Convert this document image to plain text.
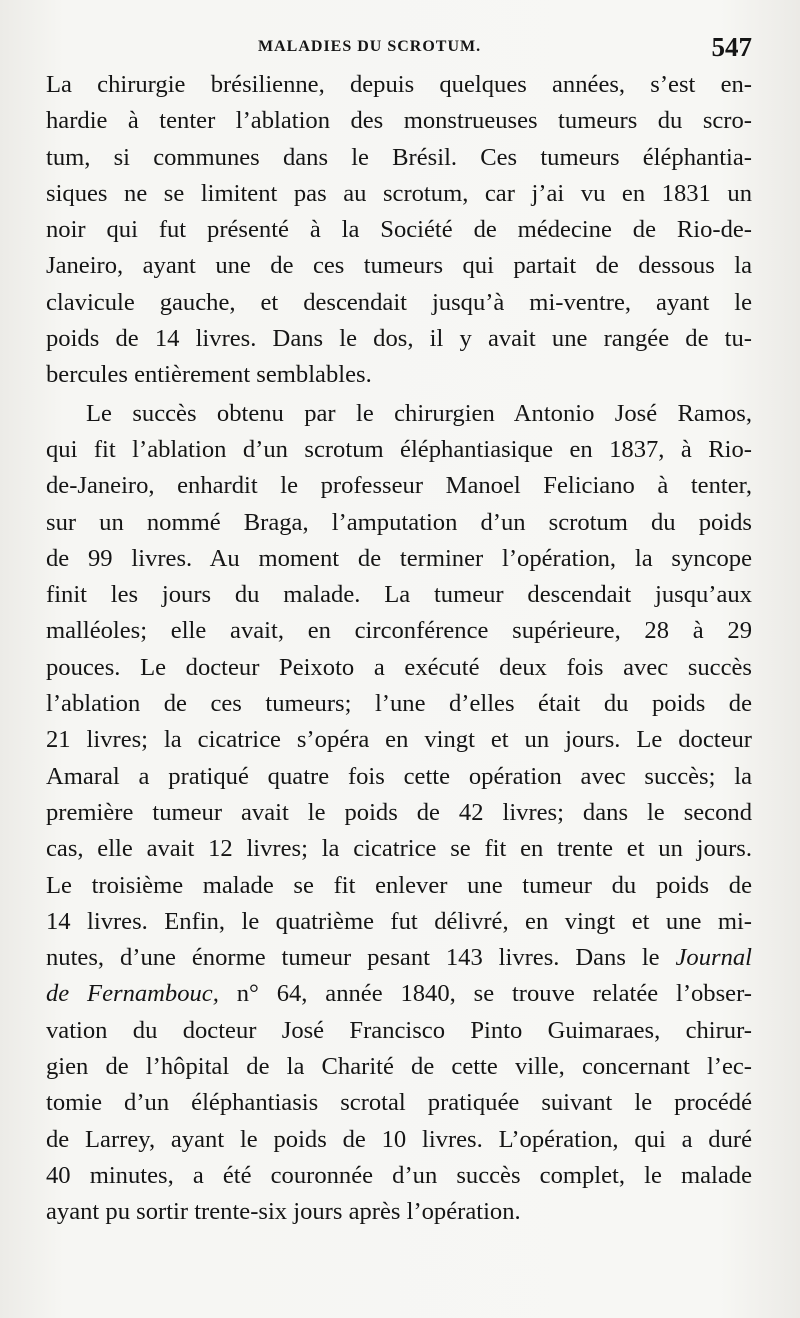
MALADIES DU SCROTUM.	547

La chirurgie brésilienne, depuis quelques années, s’est en-
hardie à tenter l’ablation des monstrueuses tumeurs du scro-
tum, si communes dans le Brésil. Ces tumeurs éléphantia-
siques ne se limitent pas au scrotum, car j’ai vu en 1831 un
noir qui fut présenté à la Société de médecine de Rio-de-
Janeiro, ayant une de ces tumeurs qui partait de dessous la
clavicule gauche, et descendait jusqu’à mi-ventre, ayant le
poids de 14 livres. Dans le dos, il y avait une rangée de tu-
bercules entièrement semblables.

Le succès obtenu par le chirurgien Antonio José Ramos,
qui fit l’ablation d’un scrotum éléphantiasique en 1837, à Rio-
de-Janeiro, enhardit le professeur Manoel Feliciano à tenter,
sur un nommé Braga, l’amputation d’un scrotum du poids
de 99 livres. Au moment de terminer l’opération, la syncope
finit les jours du malade. La tumeur descendait jusqu’aux
malléoles; elle avait, en circonférence supérieure, 28 à 29
pouces. Le docteur Peixoto a exécuté deux fois avec succès
l’ablation de ces tumeurs; l’une d’elles était du poids de
21 livres; la cicatrice s’opéra en vingt et un jours. Le docteur
Amaral a pratiqué quatre fois cette opération avec succès; la
première tumeur avait le poids de 42 livres; dans le second
cas, elle avait 12 livres; la cicatrice se fit en trente et un jours.
Le troisième malade se fit enlever une tumeur du poids de
14 livres. Enfin, le quatrième fut délivré, en vingt et une mi-
nutes, d’une énorme tumeur pesant 143 livres. Dans le Journal
de Fernambouc, n° 64, année 1840, se trouve relatée l’obser-
vation du docteur José Francisco Pinto Guimaraes, chirur-
gien de l’hôpital de la Charité de cette ville, concernant l’ec-
tomie d’un éléphantiasis scrotal pratiquée suivant le procédé
de Larrey, ayant le poids de 10 livres. L’opération, qui a duré
40 minutes, a été couronnée d’un succès complet, le malade
ayant pu sortir trente-six jours après l’opération.
